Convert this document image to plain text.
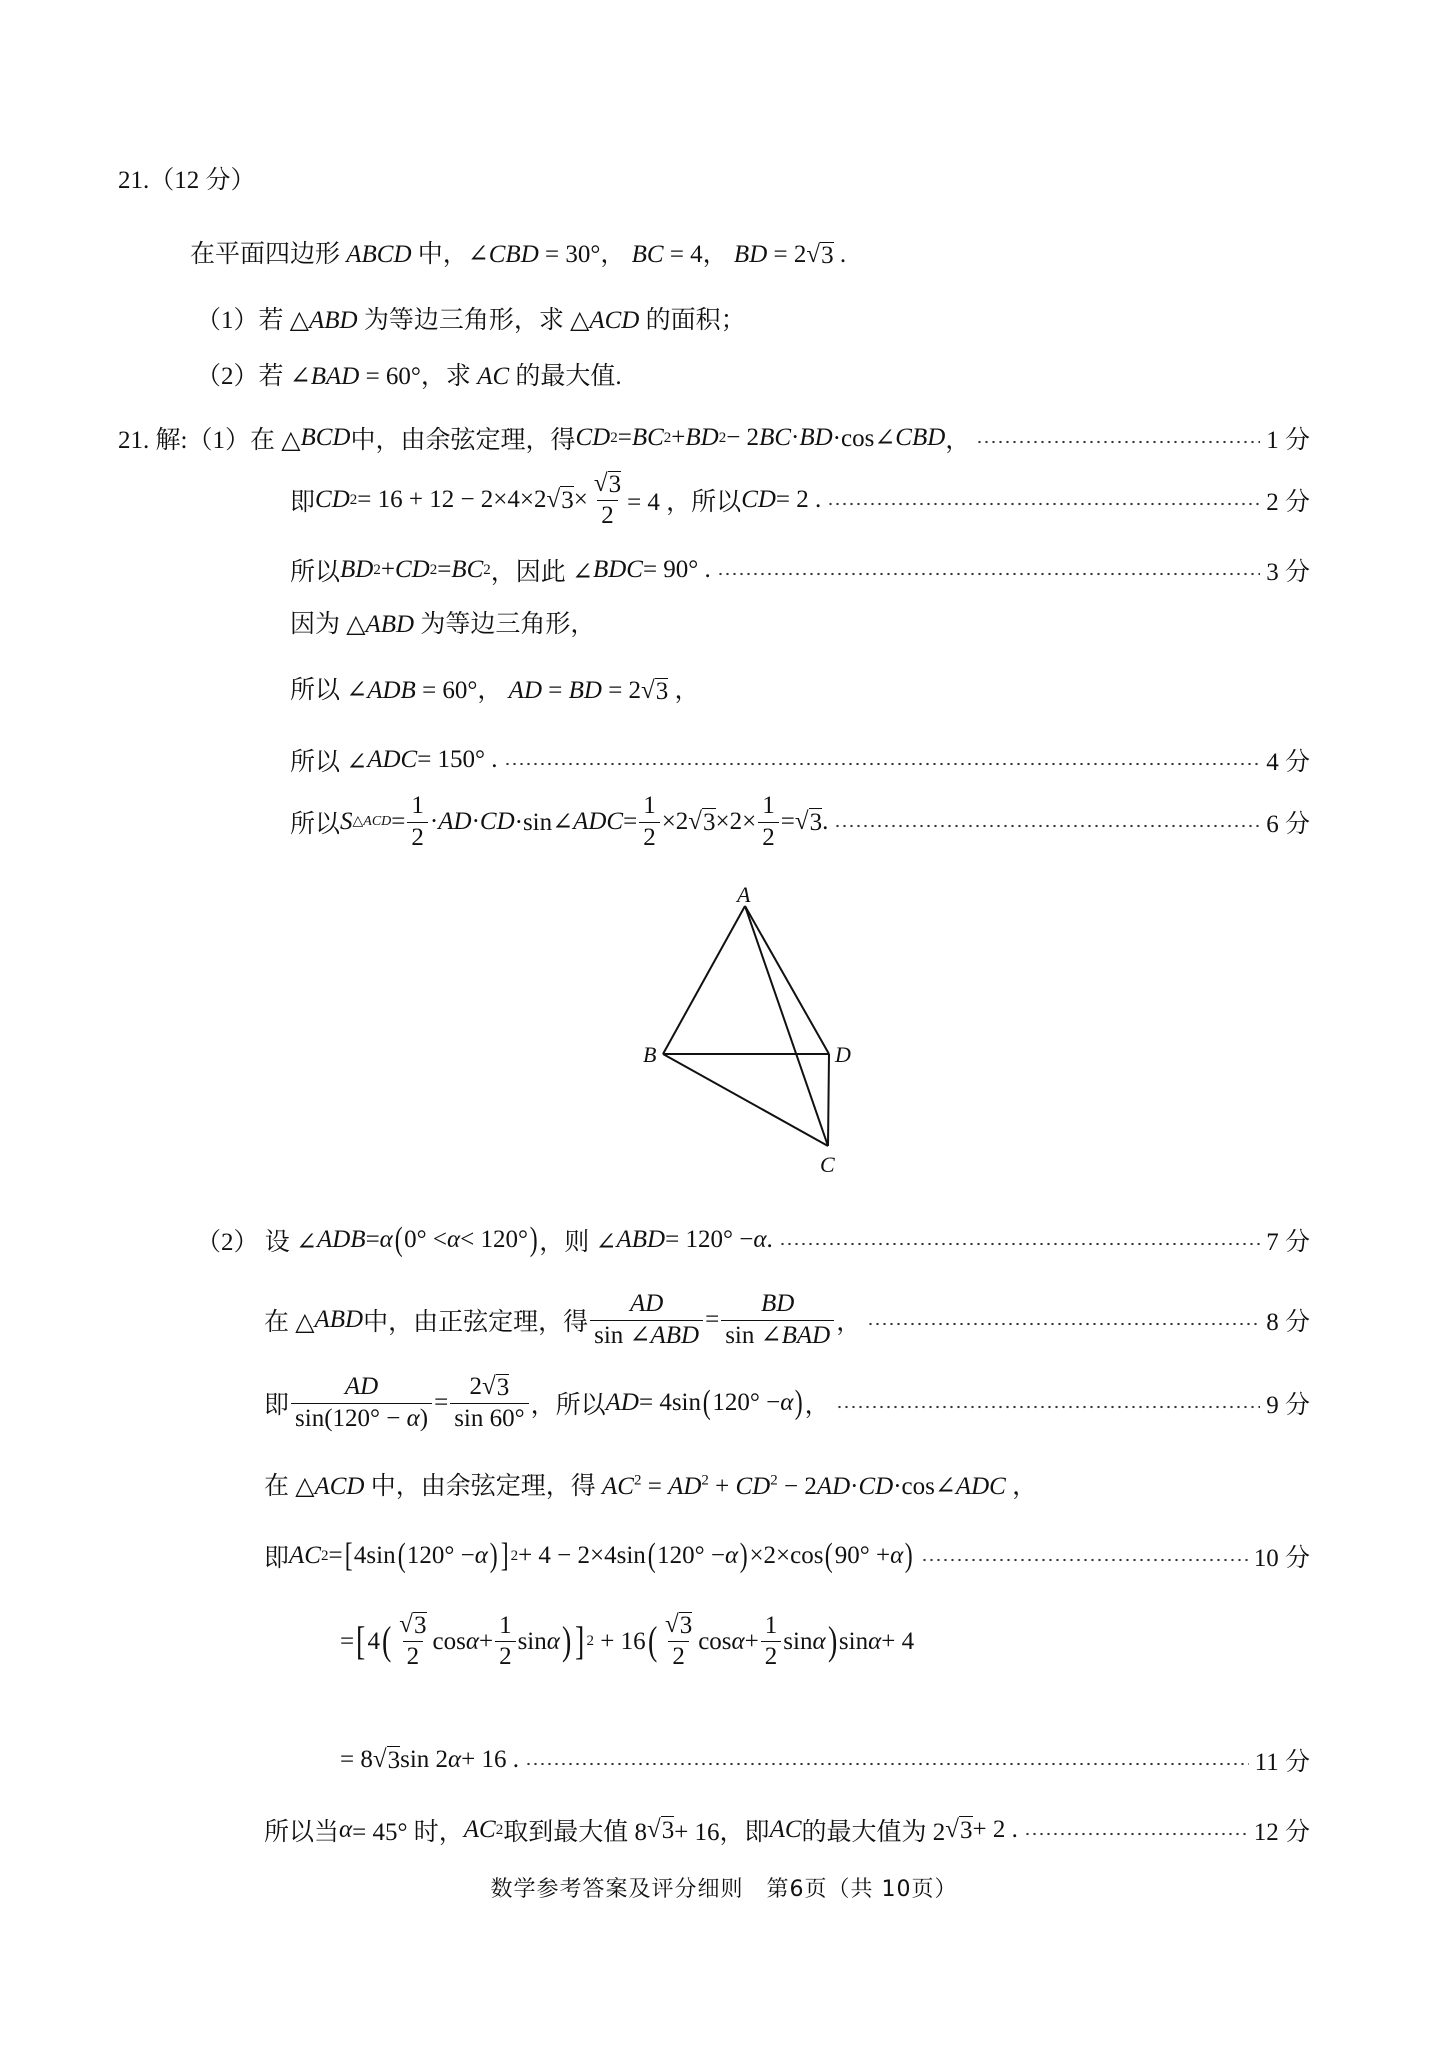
21.（12 分）
在平面四边形 ABCD 中，∠CBD = 30°， BC = 4， BD = 2 √ 3 .
（1）若 △ABD 为等边三角形，求 △ACD 的面积；
（2）若 ∠BAD = 60°，求 AC 的最大值.
21. 解: （1） 在 △ BCD 中，由余弦定理，得 CD 2 = BC 2 + BD 2 − 2 BC · BD ·cos∠ CBD ，	1 分
即 CD 2 = 16 + 12 − 2×4×2 √ $3 \times \frac{√ 3}{2} = 4$ ，所以 CD = 2 .	2 分
所以 BD 2 + CD 2 = BC 2 ，因此 ∠ BDC = 90° .	3 分
因为 △ABD 为等边三角形，
所以 ∠ADB = 60°， AD = BD = 2 √ 3 ，
所以 ∠ ADC = 150° .	4 分
所以 S △ACD = $\frac{1}{2}$ · AD · CD ·sin∠ ADC = $\frac{1}{2} \times 2$ √ $3 \times 2\times \frac{1}{2}$ = √ 3 .	6 分
A
B	D
C
（2） 设 ∠ ADB = α ( 0° < α < 120° ) ，则 ∠ ABD = 120° − α .	7 分
在 △ ABD 中，由正弦定理，得 $\frac{AD}{\text{sin ∠ABD}} = \frac{BD}{\text{sin ∠BAD}}$ ，	8 分
即 $\frac{AD}{\sin(120^\circ - \alpha)} = \frac{2 √ 3}{\sin 60^\circ}$ ，所以 AD = 4sin ( 120° − α ) ，	9 分
在 △ACD 中，由余弦定理，得 $AC^2 = AD^2 + CD^2$ − 2AD·CD·cos∠ADC ，
即 AC 2 = [ 4sin ( 120° − α ) ] 2 + 4 − 2×4sin ( 120° − α ) ×2×cos ( 90° + α )	10 分
= [ 4 ( $\frac{√ 3}{2}$ $\cos \alpha + \frac{1}{2}$ sin α ) ] 2 + 16 ( $\frac{√ 3}{2}$ $\cos \alpha + \frac{1}{2}$ sin α ) sin α + 4
= 8 √ 3 sin 2 α + 16 .	11 分
所以当 α = 45° 时， AC 2 取到最大值 8 √ 3 + 16，即 AC 的最大值为 2 √ 3 + 2 .	12 分
数学参考答案及评分细则　第6页（共 10页）
